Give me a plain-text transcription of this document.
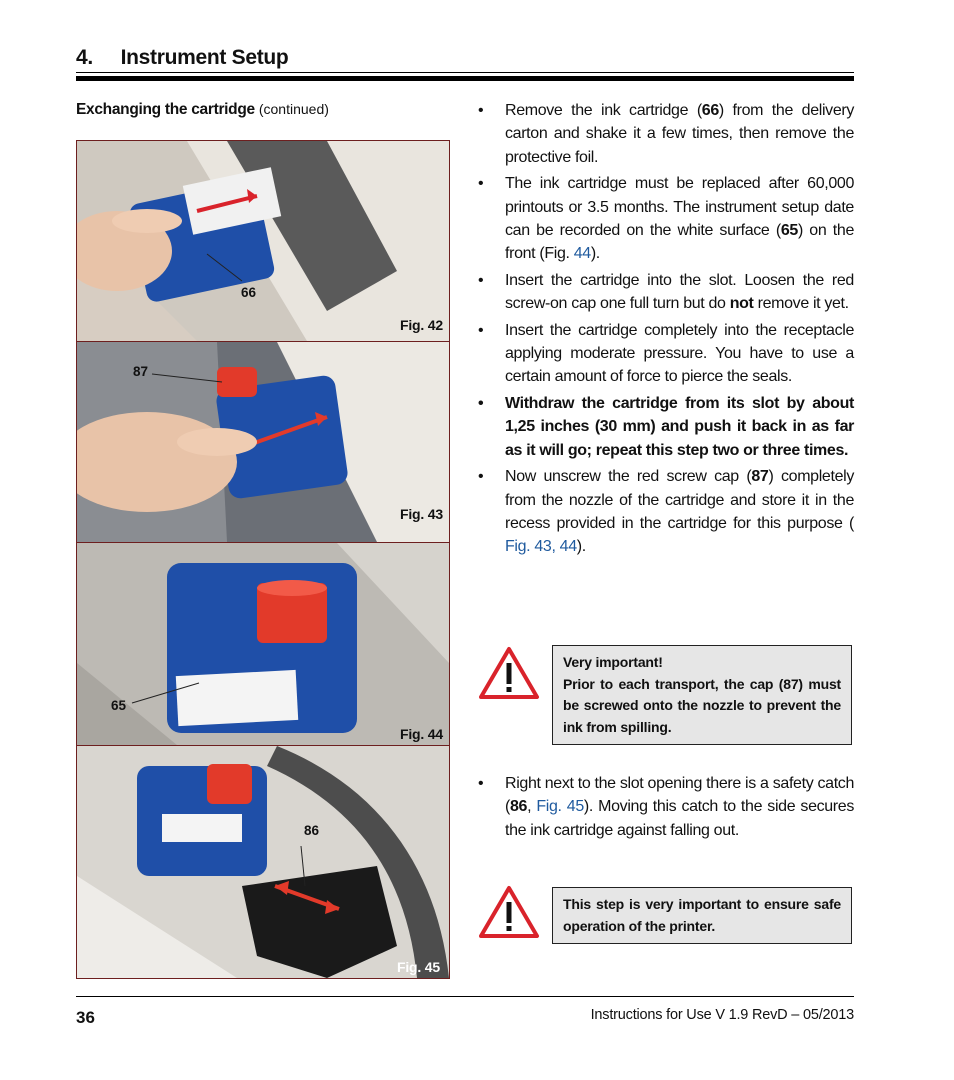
4.     Instrument Setup
Exchanging the cartridge (continued)
66
Fig. 42
87
Fig. 43
65
Fig. 44
86
Fig. 45

• Remove the ink cartridge (66) from the delivery carton and shake it a few times, then remove the protective foil.

• The ink cartridge must be replaced after 60,000 printouts or 3.5 months. The instrument setup date can be recorded on the white surface (65) on the front (Fig. 44).

• Insert the cartridge into the slot. Loosen the red screw-on cap one full turn but do not remove it yet.

• Insert the cartridge completely into the receptacle applying moderate pressure. You have to use a certain amount of force to pierce the seals.

• Withdraw the cartridge from its slot by about 1,25 inches (30 mm) and push it back in as far as it will go; repeat this step two or three times.

• Now unscrew the red screw cap (87) completely from the nozzle of the cartridge and store it in the recess provided in the cartridge for this purpose ( Fig. 43, 44).

Very important!
Prior to each transport, the cap (87) must be screwed onto the nozzle to prevent the ink from spilling.

• Right next to the slot opening there is a safety catch (86, Fig. 45). Moving this catch to the side secures the ink cartridge against falling out.

This step is very important to ensure safe operation of the printer.
36	Instructions for Use V 1.9 RevD – 05/2013
